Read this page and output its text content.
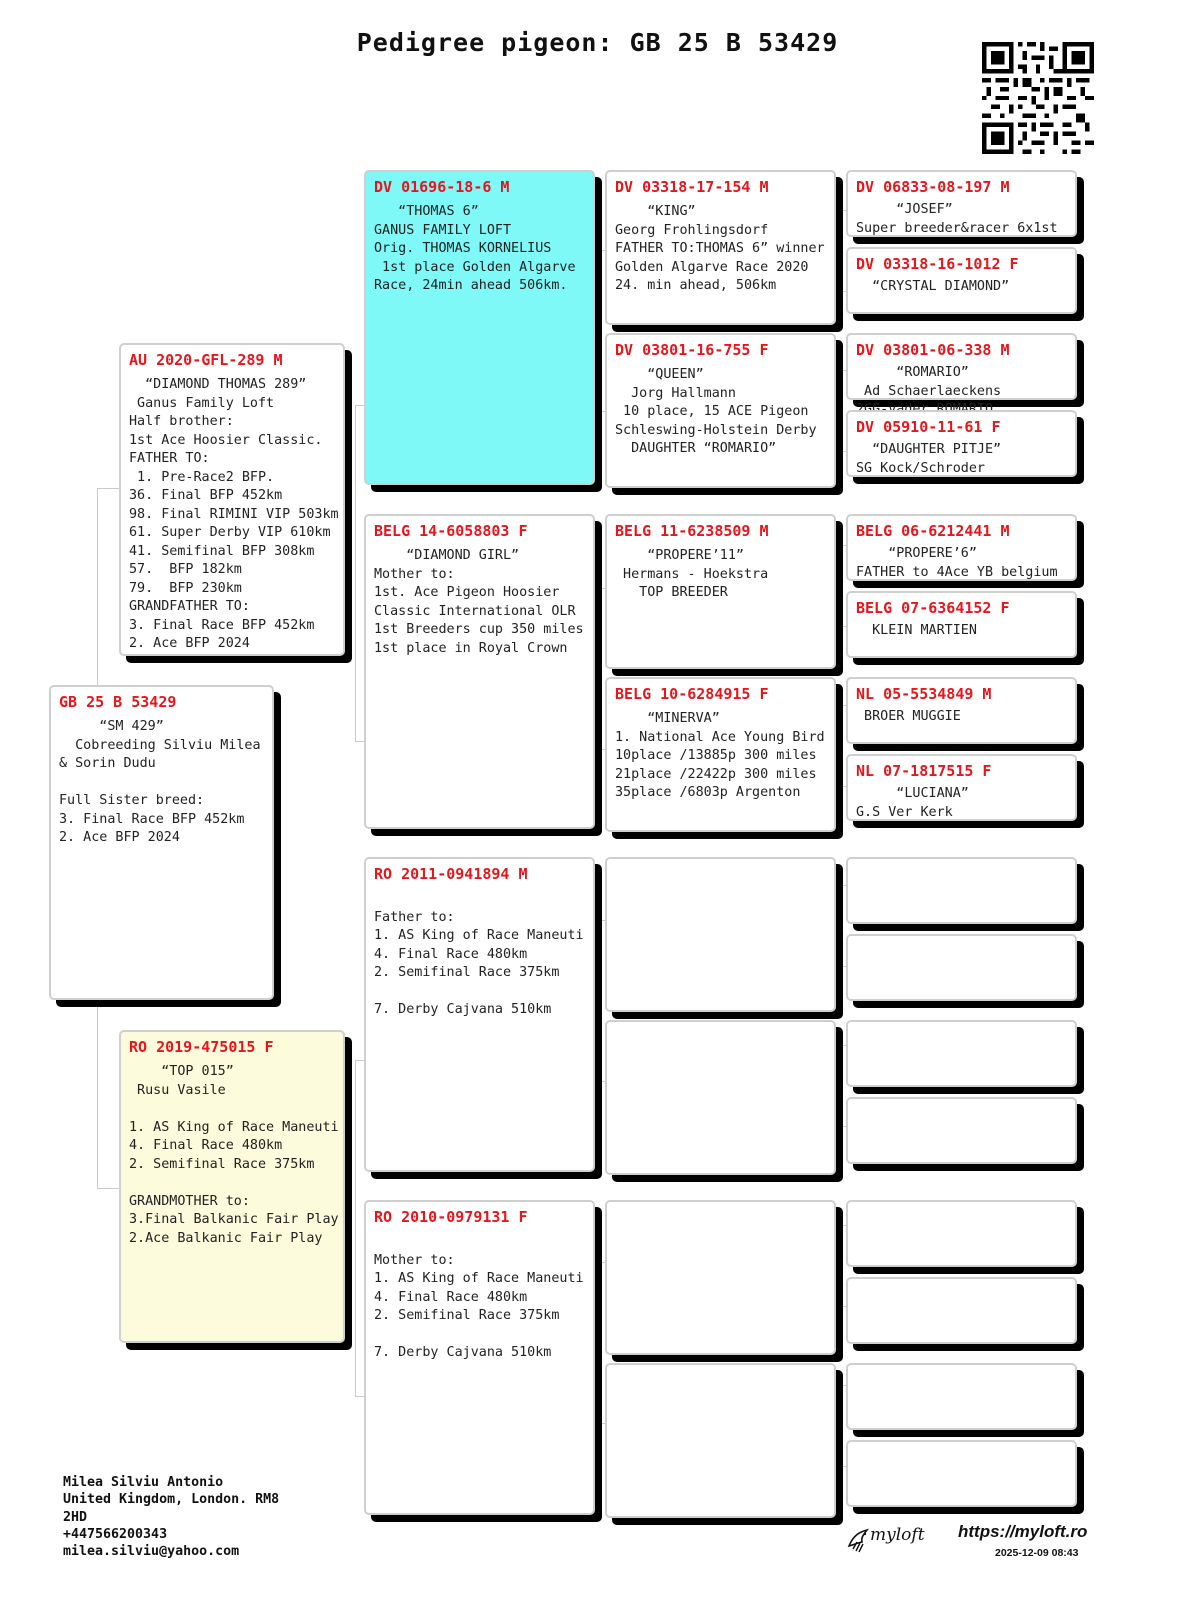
Pedigree pigeon: GB 25 B 53429
GB 25 B 53429
“SM 429”
Cobreeding Silviu Milea
& Sorin Dudu

Full Sister breed:
3. Final Race BFP 452km
2. Ace BFP 2024
AU 2020-GFL-289 M
“DIAMOND THOMAS 289”
Ganus Family Loft
Half brother:
1st Ace Hoosier Classic.
FATHER TO:
1. Pre-Race2 BFP.
36. Final BFP 452km
98. Final RIMINI VIP 503km
61. Super Derby VIP 610km
41. Semifinal BFP 308km
57.  BFP 182km
79.  BFP 230km
GRANDFATHER TO:
3. Final Race BFP 452km
2. Ace BFP 2024
RO 2019-475015 F
“TOP 015”
Rusu Vasile

1. AS King of Race Maneuti
4. Final Race 480km
2. Semifinal Race 375km

GRANDMOTHER to:
3.Final Balkanic Fair Play
2.Ace Balkanic Fair Play
DV 01696-18-6 M
“THOMAS 6”
GANUS FAMILY LOFT
Orig. THOMAS KORNELIUS
1st place Golden Algarve
Race, 24min ahead 506km.
BELG 14-6058803 F
“DIAMOND GIRL”
Mother to:
1st. Ace Pigeon Hoosier
Classic International OLR
1st Breeders cup 350 miles
1st place in Royal Crown
RO 2011-0941894 M

Father to:
1. AS King of Race Maneuti
4. Final Race 480km
2. Semifinal Race 375km

7. Derby Cajvana 510km
RO 2010-0979131 F

Mother to:
1. AS King of Race Maneuti
4. Final Race 480km
2. Semifinal Race 375km

7. Derby Cajvana 510km
DV 03318-17-154 M
“KING”
Georg Frohlingsdorf
FATHER TO:THOMAS 6” winner
Golden Algarve Race 2020
24. min ahead, 506km
DV 03801-16-755 F
“QUEEN”
Jorg Hallmann
10 place, 15 ACE Pigeon
Schleswing-Holstein Derby
DAUGHTER “ROMARIO”
BELG 11-6238509 M
“PROPERE’11”
Hermans - Hoekstra
TOP BREEDER
BELG 10-6284915 F
“MINERVA”
1. National Ace Young Bird
10place /13885p 300 miles
21place /22422p 300 miles
35place /6803p Argenton
DV 06833-08-197 M
“JOSEF”
Super breeder&racer 6x1st
DV 03318-16-1012 F
“CRYSTAL DIAMOND”
DV 03801-06-338 M
“ROMARIO”
Ad Schaerlaeckens

DV 05910-11-61 F
“DAUGHTER PITJE”
SG Kock/Schroder
BELG 06-6212441 M
“PROPERE’6”
FATHER to 4Ace YB belgium
BELG 07-6364152 F
KLEIN MARTIEN
NL 05-5534849 M
BROER MUGGIE
NL 07-1817515 F
“LUCIANA”
G.S Ver Kerk
Milea Silviu Antonio
United Kingdom, London. RM8
2HD
+447566200343
milea.silviu@yahoo.com
myloft https://myloft.ro
2025-12-09 08:43
